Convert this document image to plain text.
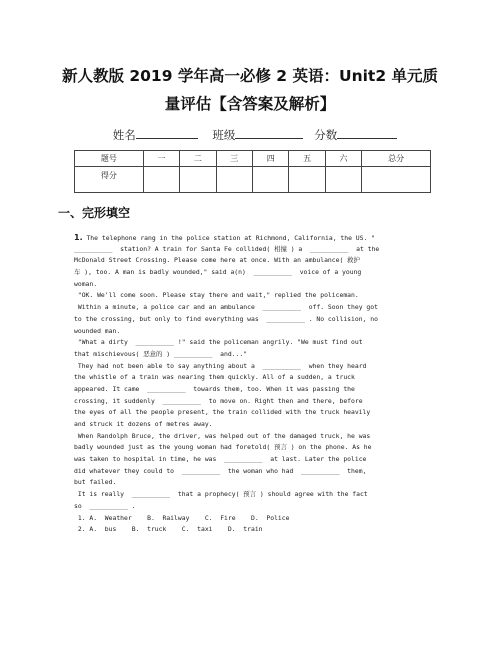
新人教版 2019 学年高一必修 2 英语：Unit2 单元质
量评估【含答案及解析】
姓名	班级	分数
题号	一	二	三	四	五	六	总分
得分							
一、完形填空
1. The telephone rang in the police station at Richmond, California, the US. "
__________  station? A train for Santa Fe collided( 相撞 ) a  __________  at the
McDonald Street Crossing. Please come here at once. With an ambulance( 救护
车 ), too. A man is badly wounded," said a(n)  __________  voice of a young
woman.
"OK. We'll come soon. Please stay there and wait," replied the policeman.
Within a minute, a police car and an ambulance  __________  off. Soon they got
to the crossing, but only to find everything was  __________ . No collision, no
wounded man.
"What a dirty  __________ !" said the policeman angrily. "We must find out
that mischievous( 恶意的 ) __________  and..."
They had not been able to say anything about a  __________  when they heard
the whistle of a train was nearing them quickly. All of a sudden, a truck
appeared. It came  __________  towards them, too. When it was passing the
crossing, it suddenly  __________  to move on. Right then and there, before
the eyes of all the people present, the train collided with the truck heavily
and struck it dozens of metres away.
When Randolph Bruce, the driver, was helped out of the damaged truck, he was
badly wounded just as the young woman had foretold( 预言 ) on the phone. As he
was taken to hospital in time, he was  __________  at last. Later the police
did whatever they could to  __________  the woman who had  __________  them,
but failed.
It is really  __________  that a prophecy( 预言 ) should agree with the fact
so  __________ .
1. A.  Weather    B.  Railway    C.  Fire    D.  Police
2. A.  bus    B.  truck    C.  taxi    D.  train
